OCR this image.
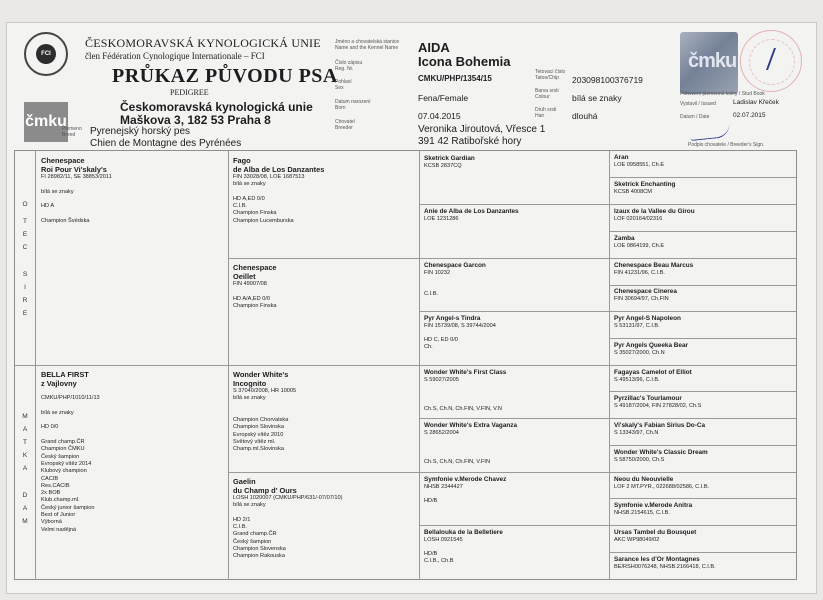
FCI
čmku
ČESKOMORAVSKÁ KYNOLOGICKÁ UNIE
člen Fédération Cynologique Internationale – FCI
PRŮKAZ PŮVODU PSA
PEDIGREE
Českomoravská kynologická unie
Maškova 3, 182 53 Praha 8
Plemeno
Breed	Pyrenejský horský pes
Chien de Montagne des Pyrénées
Jméno a chovatelská stanice
Name and the Kennel Name
Číslo zápisu
Reg. Nr.
Pohlaví
Sex
Datum narození
Born
Chovatel
Breeder
AIDA
Icona Bohemia
CMKU/PHP/1354/15
Fena/Female
07.04.2015
Veronika Jiroutová, Vřesce 1
391 42 Ratibořské hory
Tetovací číslo
Tatoo/Chip
Barva srsti
Colour
Druh srsti
Hair
203098100376719
bílá se znaky
dlouhá
čmku
Potvrzení plemenné knihy / Stud Book
Vystavil / Issued	Ladislav Křeček
Datum / Date	02.07.2015
Podpis chovatele / Breeder's Sign.
O
T
E
C
S
I
R
E
M
A
T
K
A
D
A
M
Chenespace
Roi Pour Vi'skaly's
FI 28982/11, SE 38853/2011

bílá se znaky

HD A

Champion Švédska
BELLA FIRST
z Vajlovny

CMKU/PHP/1010/11/13

bílá se znaky

HD 0/0

Grand champ.ČR
Champion ČMKU
Český šampion
Evropský vítěz 2014
Klubový champion
CACIB
Res.CACIB
2x BOB
Klub.champ.ml.
Český junior šampion
Best of Junior
Výborná
Velmi nadějná
Fago
de Alba de Los Danzantes
FIN 33028/08, LOE 1687513
bílá se znaky

HD A,ED 0/0
C.I.B.
Champion Finska
Champion Lucemburska
Chenespace
Oeillet
FIN 49007/08

HD A/A,ED 0/0
Champion Finska
Wonder White's
Incognito
S 37040/2008, HR 10005
bílá se znaky

Champion Chorvatska
Champion Slovinska
Evropský vítěz 2010
Světový vítěz ml.
Champ.ml.Slovinska
Gaelin
du Champ d' Ours
LOSH 1020007 (CMKU/PHP/631/-07/07/10)
bílá se znaky

HD 2/1
C.I.B.
Grand champ.ČR
Český šampion
Champion Slovenska
Champion Rakouska
Sketrick Gardian
KCSB 2837CQ
Anie de Alba de Los Danzantes
LOE 1231286
Chenespace Garcon
FIN 10232

C.I.B.
Pyr Angel-s Tindra
FIN 15739/08, S 39744/2004

HD C, ED 0/0
Ch.
Wonder White's First Class
S 59027/2005

Ch.S, Ch.N, Ch.FIN, V.FIN, V.N
Wonder White's Extra Vaganza
S 28652/2004

Ch.S, Ch.N, Ch.FIN, V.FIN
Symfonie v.Merode Chavez
NHSB 2344427

HD/B
Bellalouka de la Belletiere
LOSH 0921545

HD/B
C.I.B., Ch.B
Aran
LOE 0958551, Ch.E
Sketrick Enchanting
KCSB 4008CM
Izaux de la Vallee du Girou
LOF 020164/02316
Zamba
LOE 0864199, Ch.E
Chenespace Beau Marcus
FIN 41231/96, C.I.B.
Chenespace Cinerea
FIN 30694/97, Ch.FIN
Pyr Angel-S Napoleon
S 53131/97, C.I.B.
Pyr Angels Queeka Bear
S 35027/2000, Ch.N
Fagayas Camelot of Elliot
S 49513/96, C.I.B.
Pyrzillac's Tourlamour
S 49187/2004, FIN 27828/02, Ch.S
Vi'skaly's Fabian Sirius Do-Ca
S 13343/97, Ch.N
Wonder White's Classic Dream
S 58750/2000, Ch.S
Neou du Neouvielle
LOF 2 MT.PYR., 022688/02586, C.I.B.
Symfonie v.Merode Anitra
NHSB.2154615, C.I.B.
Ursas Tambel du Bousquet
AKC WP98049/02
Sarance les d'Or Montagnes
BE/RSH0076248, NHSB.2166418, C.I.B.
